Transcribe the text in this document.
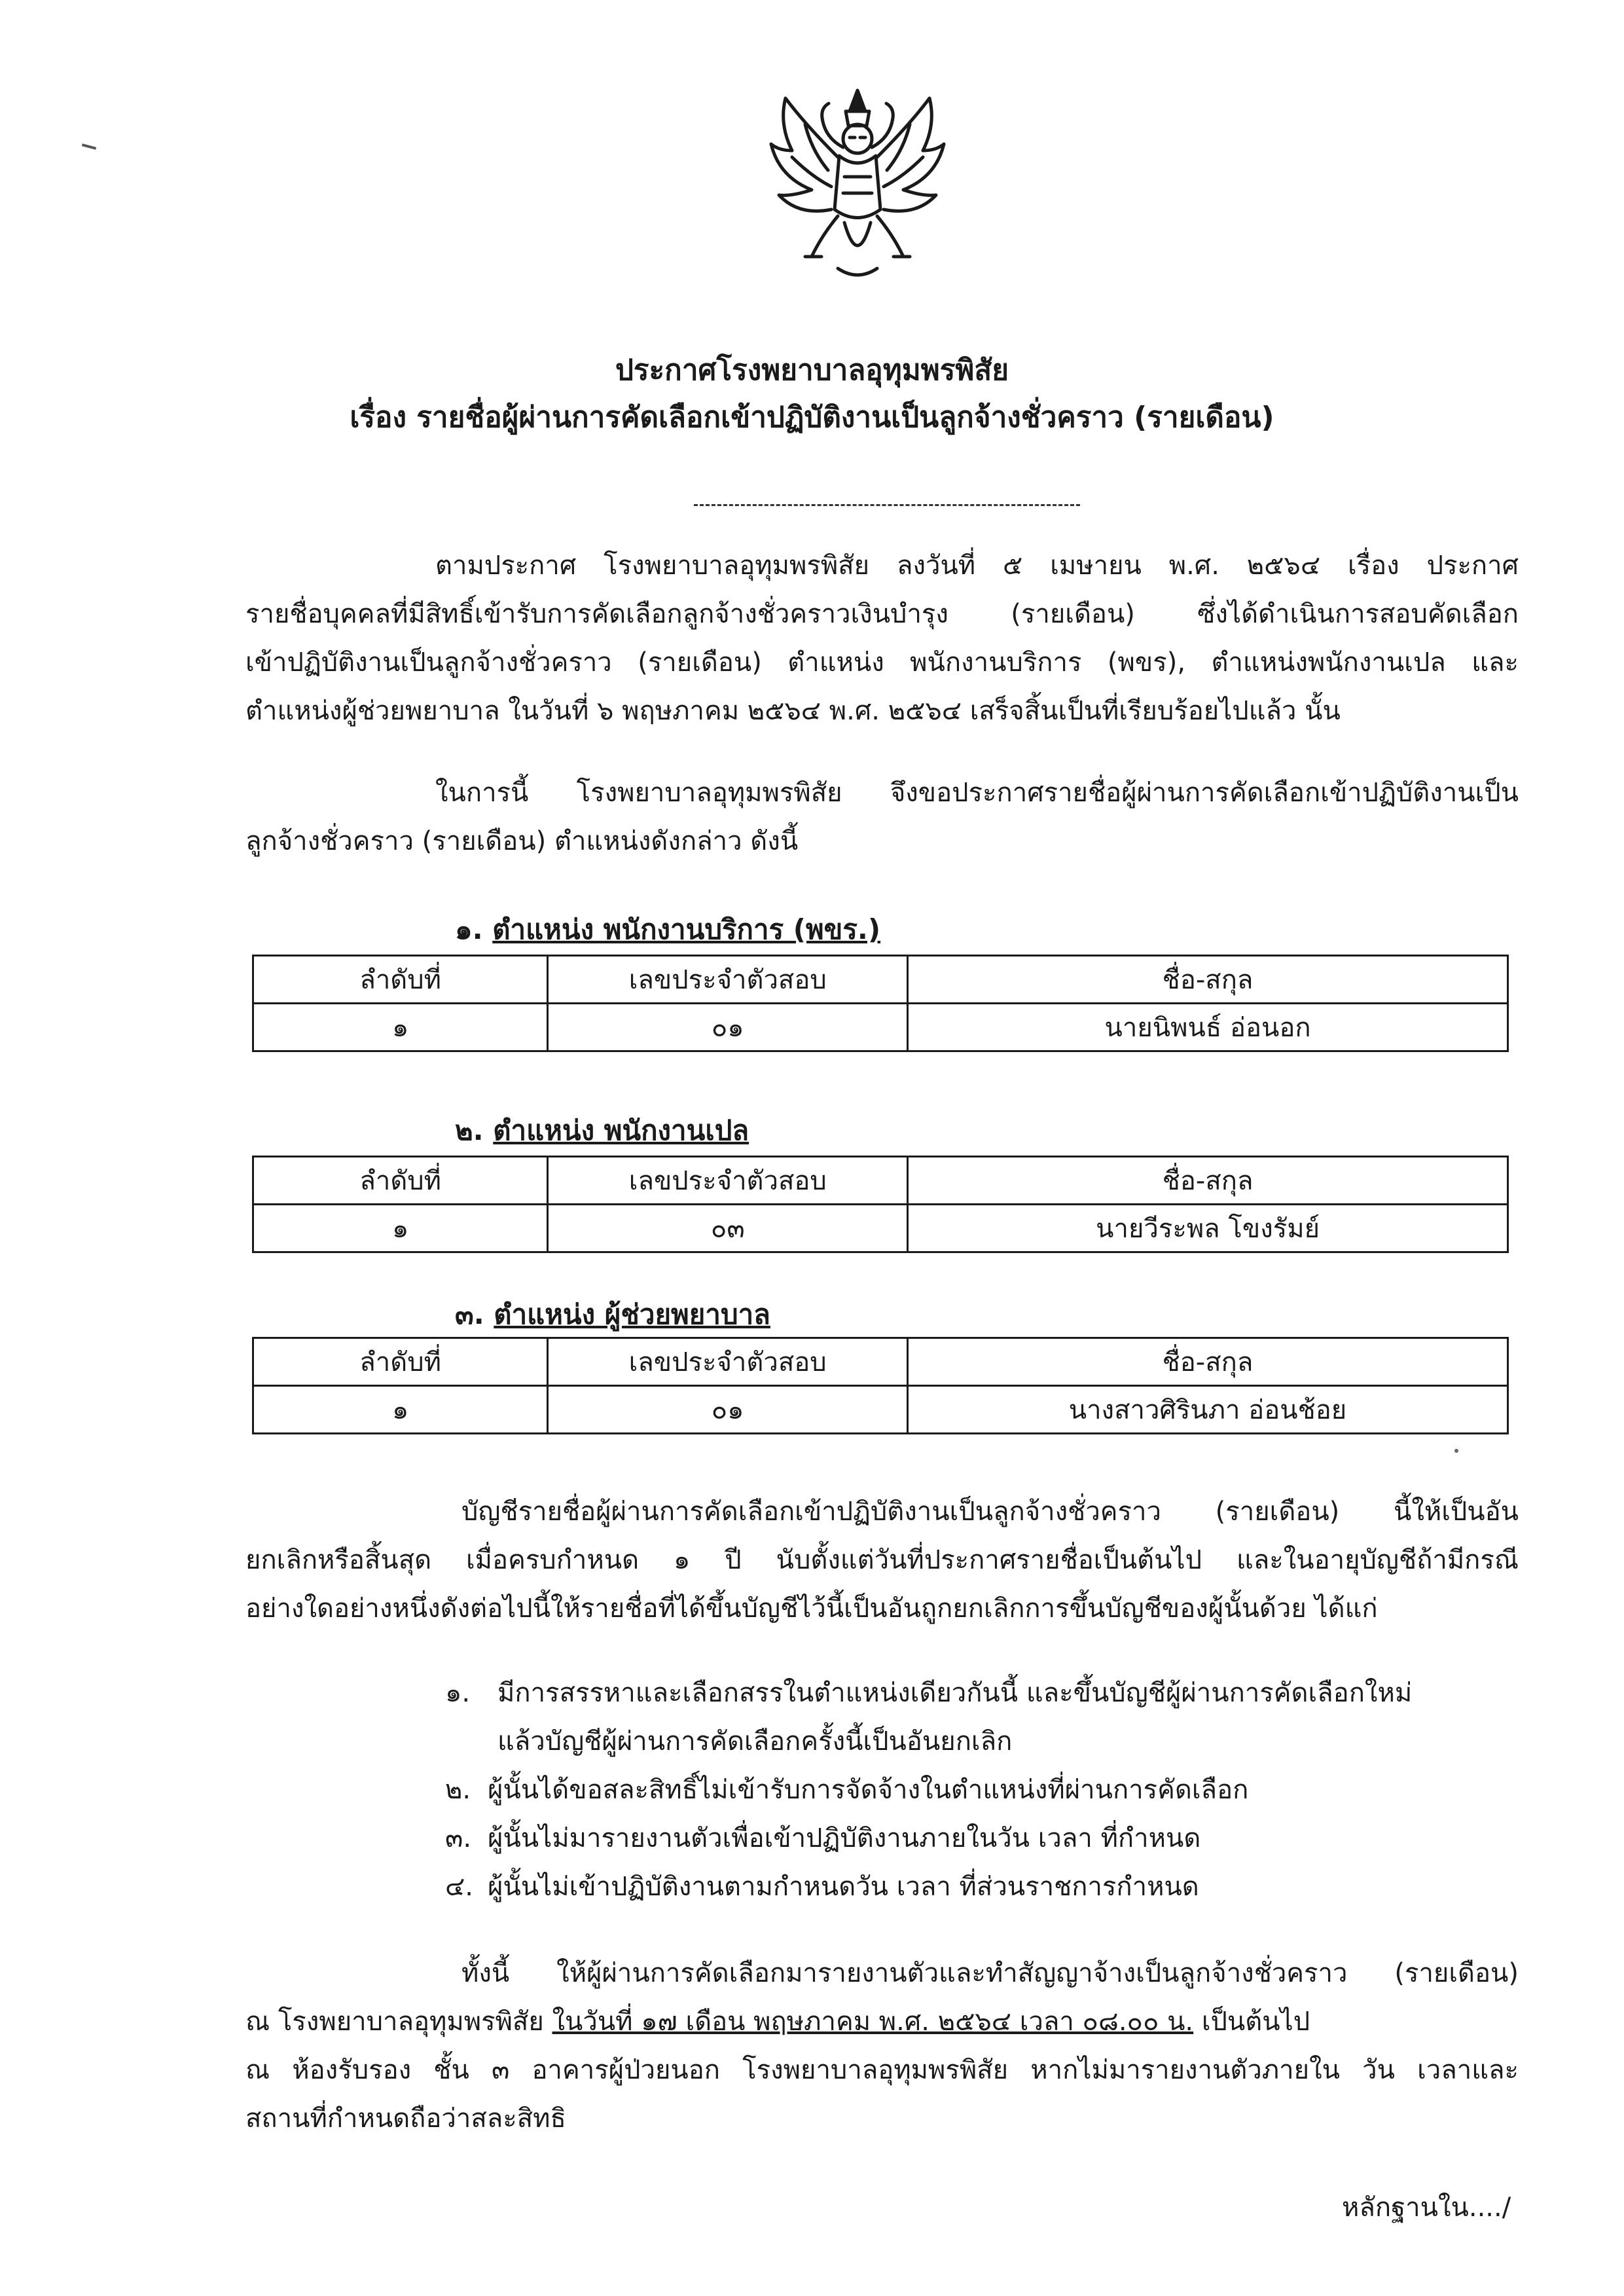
ประกาศโรงพยาบาลอุทุมพรพิสัย
เรื่อง รายชื่อผู้ผ่านการคัดเลือกเข้าปฏิบัติงานเป็นลูกจ้างชั่วคราว (รายเดือน)
ตามประกาศ โรงพยาบาลอุทุมพรพิสัย ลงวันที่ ๕ เมษายน พ.ศ. ๒๕๖๔ เรื่อง ประกาศ
รายชื่อบุคคลที่มีสิทธิ์เข้ารับการคัดเลือกลูกจ้างชั่วคราวเงินบำรุง (รายเดือน) ซึ่งได้ดำเนินการสอบคัดเลือก
เข้าปฏิบัติงานเป็นลูกจ้างชั่วคราว (รายเดือน) ตำแหน่ง พนักงานบริการ (พขร), ตำแหน่งพนักงานเปล และ
ตำแหน่งผู้ช่วยพยาบาล ในวันที่ ๖ พฤษภาคม ๒๕๖๔ พ.ศ. ๒๕๖๔ เสร็จสิ้นเป็นที่เรียบร้อยไปแล้ว นั้น
ในการนี้ โรงพยาบาลอุทุมพรพิสัย จึงขอประกาศรายชื่อผู้ผ่านการคัดเลือกเข้าปฏิบัติงานเป็น
ลูกจ้างชั่วคราว (รายเดือน) ตำแหน่งดังกล่าว ดังนี้
๑. ตำแหน่ง พนักงานบริการ (พขร.)
ลำดับที่	เลขประจำตัวสอบ	ชื่อ-สกุล
๑	๐๑	นายนิพนธ์ อ่อนอก
๒. ตำแหน่ง พนักงานเปล
ลำดับที่	เลขประจำตัวสอบ	ชื่อ-สกุล
๑	๐๓	นายวีระพล โขงรัมย์
๓. ตำแหน่ง ผู้ช่วยพยาบาล
ลำดับที่	เลขประจำตัวสอบ	ชื่อ-สกุล
๑	๐๑	นางสาวศิรินภา อ่อนช้อย
บัญชีรายชื่อผู้ผ่านการคัดเลือกเข้าปฏิบัติงานเป็นลูกจ้างชั่วคราว (รายเดือน) นี้ให้เป็นอัน
ยกเลิกหรือสิ้นสุด เมื่อครบกำหนด ๑ ปี นับตั้งแต่วันที่ประกาศรายชื่อเป็นต้นไป และในอายุบัญชีถ้ามีกรณี
อย่างใดอย่างหนึ่งดังต่อไปนี้ให้รายชื่อที่ได้ขึ้นบัญชีไว้นี้เป็นอันถูกยกเลิกการขึ้นบัญชีของผู้นั้นด้วย ได้แก่
๑. มีการสรรหาและเลือกสรรในตำแหน่งเดียวกันนี้ และขึ้นบัญชีผู้ผ่านการคัดเลือกใหม่
แล้วบัญชีผู้ผ่านการคัดเลือกครั้งนี้เป็นอันยกเลิก
๒. ผู้นั้นได้ขอสละสิทธิ์ไม่เข้ารับการจัดจ้างในตำแหน่งที่ผ่านการคัดเลือก
๓. ผู้นั้นไม่มารายงานตัวเพื่อเข้าปฏิบัติงานภายในวัน เวลา ที่กำหนด
๔. ผู้นั้นไม่เข้าปฏิบัติงานตามกำหนดวัน เวลา ที่ส่วนราชการกำหนด
ทั้งนี้ ให้ผู้ผ่านการคัดเลือกมารายงานตัวและทำสัญญาจ้างเป็นลูกจ้างชั่วคราว (รายเดือน)
ณ โรงพยาบาลอุทุมพรพิสัย ในวันที่ ๑๗ เดือน พฤษภาคม พ.ศ. ๒๕๖๔ เวลา ๐๘.๐๐ น. เป็นต้นไป
ณ ห้องรับรอง ชั้น ๓ อาคารผู้ป่วยนอก โรงพยาบาลอุทุมพรพิสัย หากไม่มารายงานตัวภายใน วัน เวลาและ
สถานที่กำหนดถือว่าสละสิทธิ
หลักฐานใน..../
